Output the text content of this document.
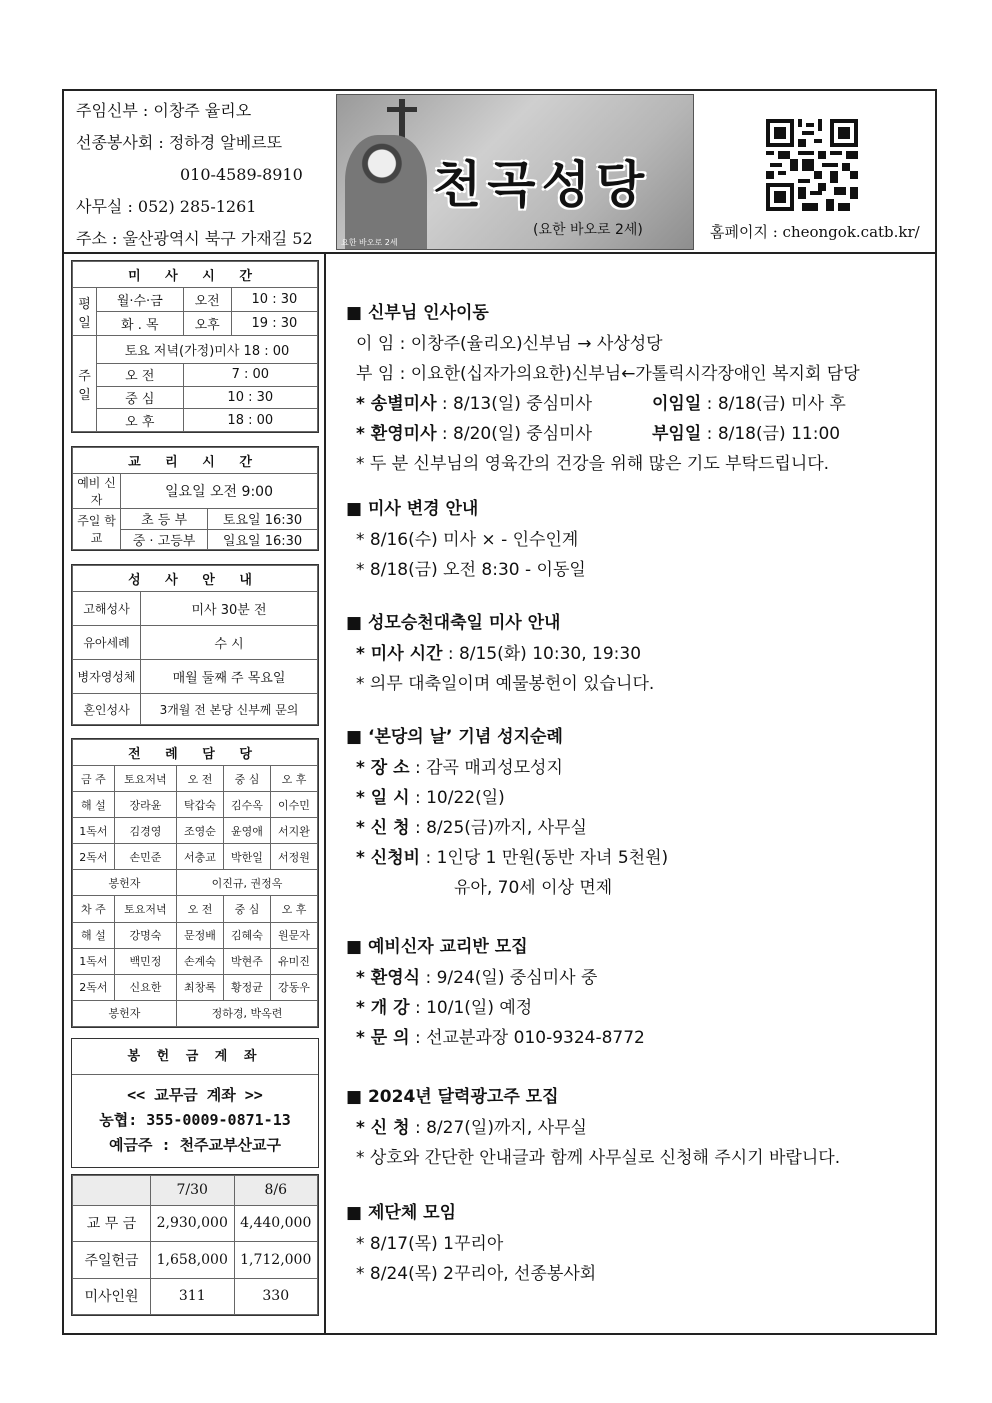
주임신부 : 이창주 율리오
선종봉사회 : 정하경 알베르또
010-4589-8910
사무실 : 052) 285-1261
주소 : 울산광역시 북구 가재길 52
천곡성당
(요한 바오로 2세)
요한 바오로 2세
홈페이지 : cheongok.catb.kr/
미 사 시 간			
평일	월·수·금	오전	10 : 30
	화 . 목	오후	19 : 30
주일	토요 저녁(가정)미사 18 : 00		
	오 전	7 : 00	
	중 심	10 : 30	
	오 후	18 : 00	
교 리 시 간		
예비 신자	일요일 오전 9:00	
주일 학교	초 등 부	토요일 16:30
	중 · 고등부	일요일 16:30
성 사 안 내	
고해성사	미사 30분 전
유아세례	수 시
병자영성체	매월 둘째 주 목요일
혼인성사	3개월 전 본당 신부께 문의
전 례 담 당				
금 주	토요저녁	오 전	중 심	오 후
해 설	장라윤	탁갑숙	김수옥	이수민
1독서	김경영	조영순	윤영애	서지완
2독서	손민준	서충교	박한일	서정원
봉헌자		이진규, 권정옥		
차 주	토요저녁	오 전	중 심	오 후
해 설	강명숙	문정배	김혜숙	원문자
1독서	백민정	손계숙	박현주	유미진
2독서	신요한	최창록	황정균	강동우
봉헌자		정하경, 박옥련		
봉 헌 금 계 좌
<< 교무금 계좌 >>
농협: 355-0009-0871-13
예금주 : 천주교부산교구
	7/30	8/6
교 무 금	2,930,000	4,440,000
주일헌금	1,658,000	1,712,000
미사인원	311	330
■ 신부님 인사이동
이 임 : 이창주(율리오)신부님 → 사상성당
부 임 : 이요한(십자가의요한)신부님←가톨릭시각장애인 복지회 담당
* 송별미사 : 8/13(일) 중심미사	이임일 : 8/18(금) 미사 후
* 환영미사 : 8/20(일) 중심미사	부임일 : 8/18(금) 11:00
* 두 분 신부님의 영육간의 건강을 위해 많은 기도 부탁드립니다.
■ 미사 변경 안내
* 8/16(수) 미사 × - 인수인계
* 8/18(금) 오전 8:30 - 이동일
■ 성모승천대축일 미사 안내
* 미사 시간 : 8/15(화) 10:30, 19:30
* 의무 대축일이며 예물봉헌이 있습니다.
■ ‘본당의 날’ 기념 성지순례
* 장 소 : 감곡 매괴성모성지
* 일 시 : 10/22(일)
* 신 청 : 8/25(금)까지, 사무실
* 신청비 : 1인당 1 만원(동반 자녀 5천원)
유아, 70세 이상 면제
■ 예비신자 교리반 모집
* 환영식 : 9/24(일) 중심미사 중
* 개 강 : 10/1(일) 예정
* 문 의 : 선교분과장 010-9324-8772
■ 2024년 달력광고주 모집
* 신 청 : 8/27(일)까지, 사무실
* 상호와 간단한 안내글과 함께 사무실로 신청해 주시기 바랍니다.
■ 제단체 모임
* 8/17(목) 1꾸리아
* 8/24(목) 2꾸리아, 선종봉사회
